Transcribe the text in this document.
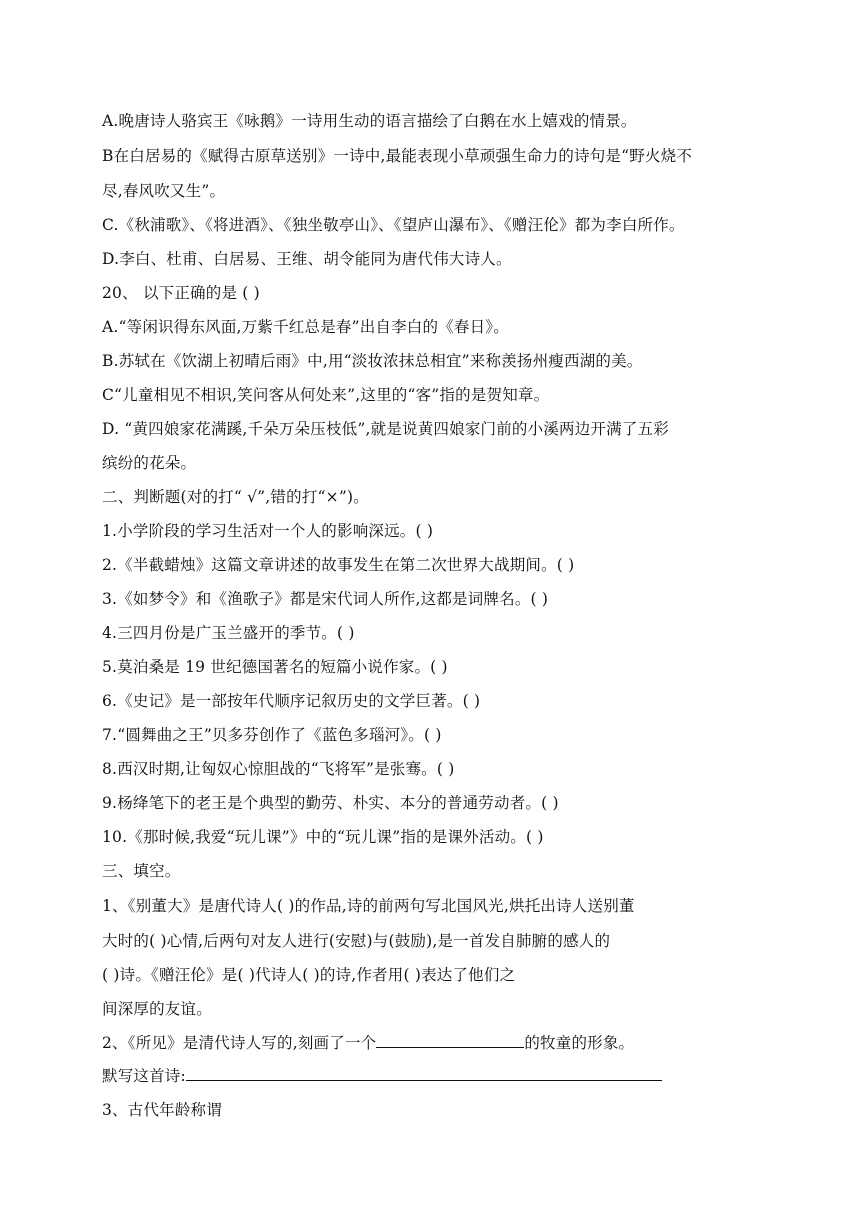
A.晚唐诗人骆宾王《咏鹅》一诗用生动的语言描绘了白鹅在水上嬉戏的情景。
B在白居易的《赋得古原草送别》一诗中,最能表现小草顽强生命力的诗句是“野火烧不
尽,春风吹又生”。
C.《秋浦歌》、《将进酒》、《独坐敬亭山》、《望庐山瀑布》、《赠汪伦》都为李白所作。
D.李白、杜甫、白居易、王维、胡令能同为唐代伟大诗人。
20、 以下正确的是 ( )
A.“等闲识得东风面,万紫千红总是春”出自李白的《春日》。
B.苏轼在《饮湖上初晴后雨》中,用“淡妆浓抹总相宜”来称羡扬州瘦西湖的美。
C“儿童相见不相识,笑问客从何处来”,这里的“客”指的是贺知章。
D. “黄四娘家花满蹊,千朵万朵压枝低”,就是说黄四娘家门前的小溪两边开满了五彩
缤纷的花朵。
二、判断题(对的打“ √”,错的打“×”)。
1.小学阶段的学习生活对一个人的影响深远。( )
2.《半截蜡烛》这篇文章讲述的故事发生在第二次世界大战期间。( )
3.《如梦令》和《渔歌子》都是宋代词人所作,这都是词牌名。( )
4.三四月份是广玉兰盛开的季节。( )
5.莫泊桑是 19 世纪德国著名的短篇小说作家。( )
6.《史记》是一部按年代顺序记叙历史的文学巨著。( )
7.“圆舞曲之王”贝多芬创作了《蓝色多瑙河》。( )
8.西汉时期,让匈奴心惊胆战的“飞将军”是张骞。( )
9.杨绛笔下的老王是个典型的勤劳、朴实、本分的普通劳动者。( )
10.《那时候,我爱“玩儿课”》中的“玩儿课”指的是课外活动。( )
三、填空。
1、《别董大》是唐代诗人( )的作品,诗的前两句写北国风光,烘托出诗人送别董
大时的( )心情,后两句对友人进行(安慰)与(鼓励),是一首发自肺腑的感人的
( )诗。《赠汪伦》是( )代诗人( )的诗,作者用( )表达了他们之
间深厚的友谊。
2、《所见》是清代诗人写的,刻画了一个	的牧童的形象。
默写这首诗:
3、古代年龄称谓
